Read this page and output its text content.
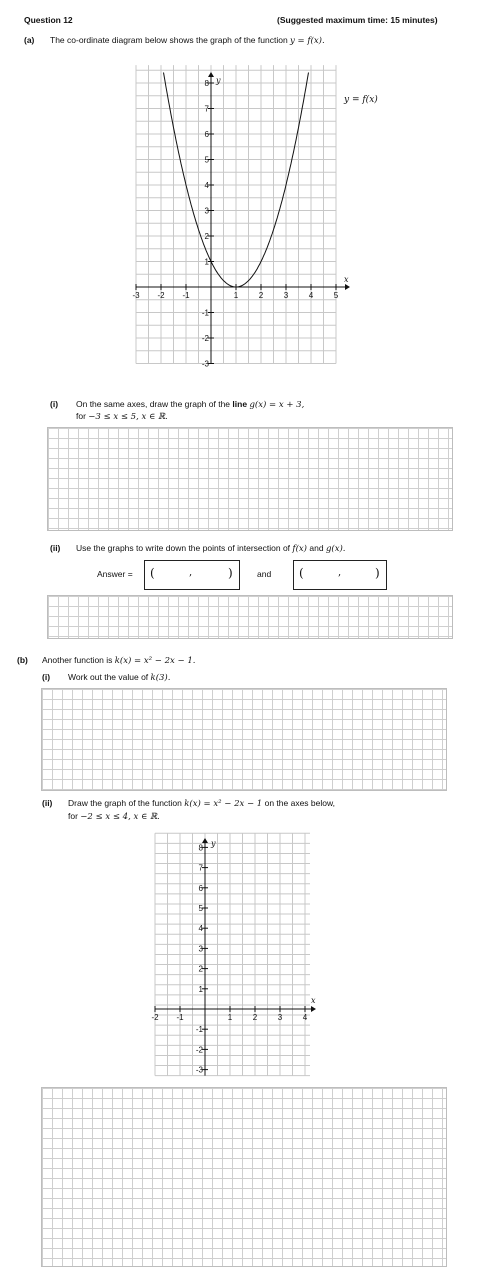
Question 12	(Suggested maximum time: 15 minutes)
(a) The co-ordinate diagram below shows the graph of the function y = f(x).
y = f(x)
x
y
-3 -2 -1	1	2	3	4	5
8
7
6
5
4
3
2
1
-1
-2
-3
(i) On the same axes, draw the graph of the line g(x) = x + 3,
for −3 ≤ x ≤ 5, x ∈ ℝ.
(ii) Use the graphs to write down the points of intersection of f(x) and g(x).
Answer = (	,	)	and (	,	)
(b) Another function is k(x) = x² − 2x − 1.
(i) Work out the value of k(3).
(ii) Draw the graph of the function k(x) = x² − 2x − 1 on the axes below,
for −2 ≤ x ≤ 4, x ∈ ℝ.
x
y
-2 -1	1	2	3	4
8
7
6
5
4
3
2
1
-1
-2
-3
